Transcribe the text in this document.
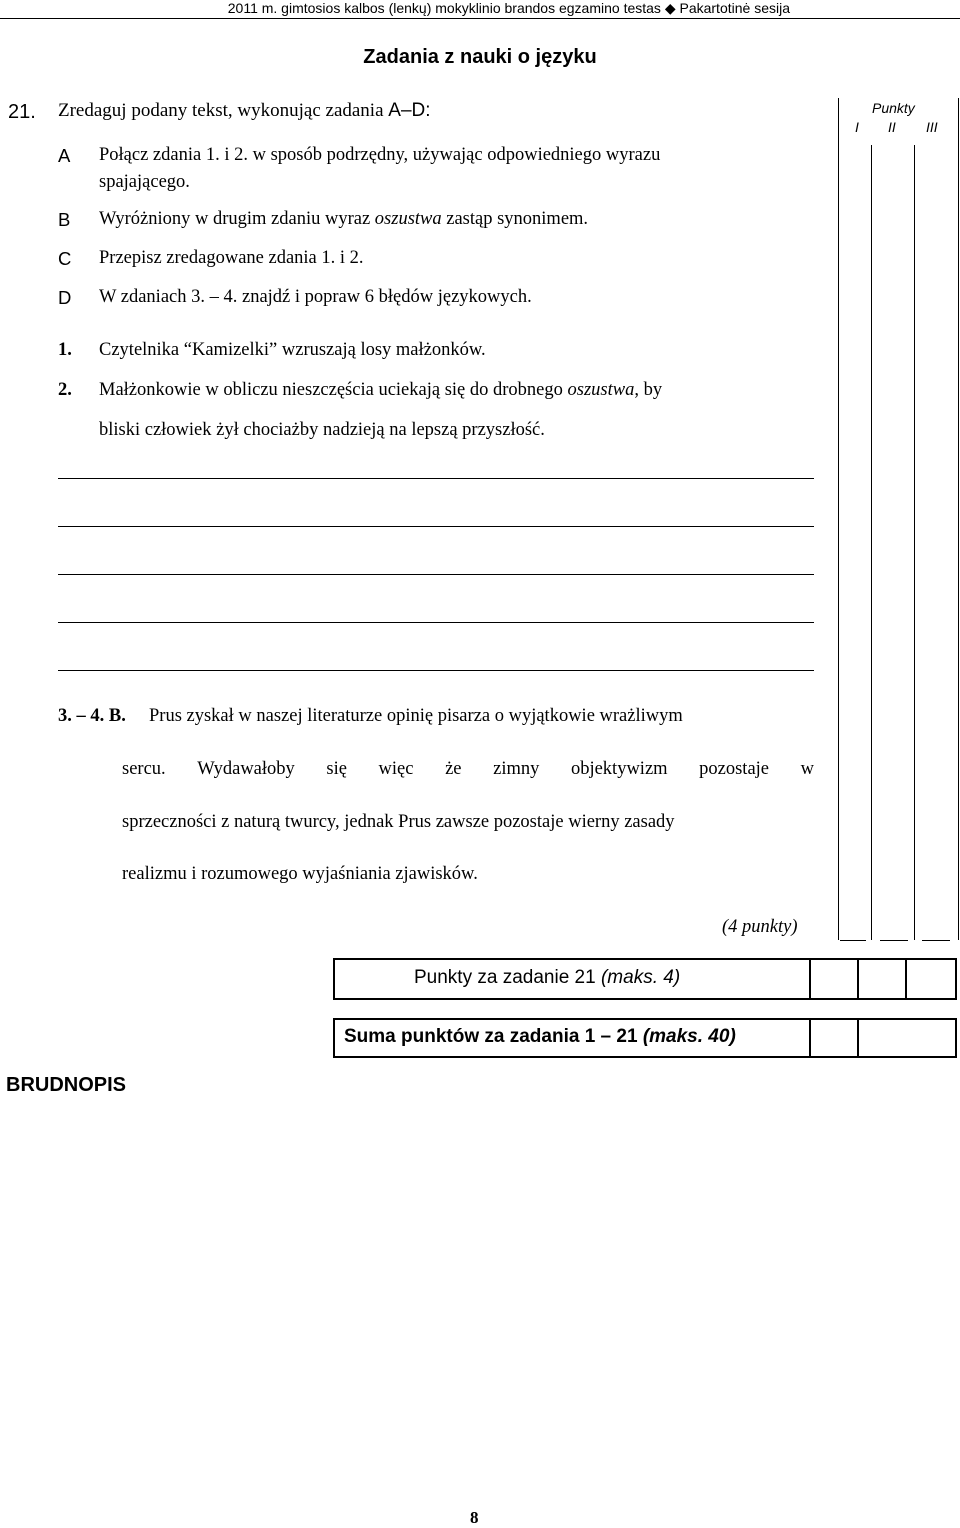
2011 m. gimtosios kalbos (lenkų) mokyklinio brandos egzamino testas ◆ Pakartotinė sesija
Zadania z nauki o języku
21. Zredaguj podany tekst, wykonując zadania A–D:
A Połącz zdania 1. i 2. w sposób podrzędny, używając odpowiedniego wyrazu
spajającego.
B Wyróżniony w drugim zdaniu wyraz oszustwa zastąp synonimem.
C Przepisz zredagowane zdania 1. i 2.
D W zdaniach 3. – 4. znajdź i popraw 6 błędów językowych.
1. Czytelnika “Kamizelki” wzruszają losy małżonków.
2. Małżonkowie w obliczu nieszczęścia uciekają się do drobnego oszustwa, by
bliski człowiek żył chociażby nadzieją na lepszą przyszłość.
3. – 4. B. Prus zyskał w naszej literaturze opinię pisarza o wyjątkowie wrażliwym
sercu. Wydawałoby się więc że zimny objektywizm pozostaje w
sprzeczności z naturą twurcy, jednak Prus zawsze pozostaje wierny zasady
realizmu i rozumowego wyjaśniania zjawisków.
(4 punkty)
Punkty
I II III
Punkty za zadanie 21 (maks. 4)
Suma punktów za zadania 1 – 21 (maks. 40)
BRUDNOPIS
8
